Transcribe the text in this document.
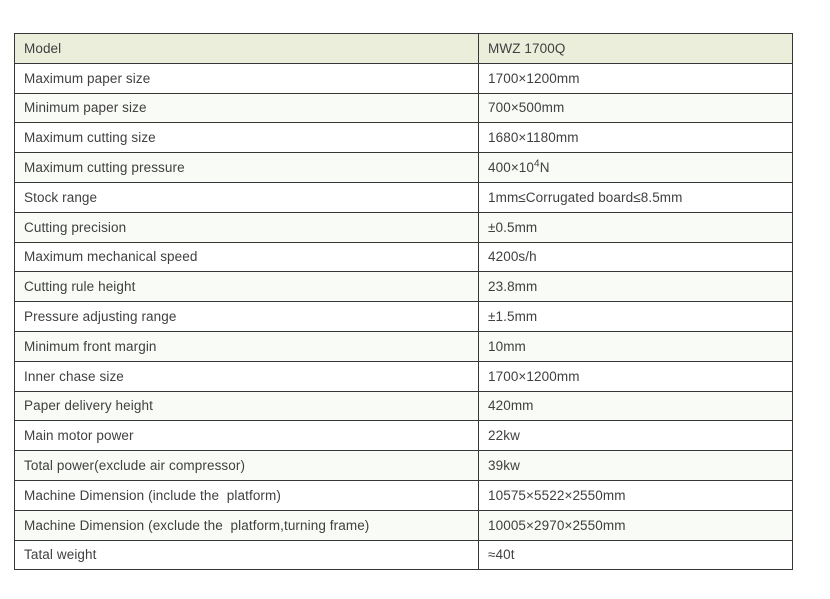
Model	MWZ 1700Q
Maximum paper size	1700×1200mm
Minimum paper size	700×500mm
Maximum cutting size	1680×1180mm
Maximum cutting pressure	$400\times 10^4N$
Stock range	1mm≤Corrugated board≤8.5mm
Cutting precision	±0.5mm
Maximum mechanical speed	4200s/h
Cutting rule height	23.8mm
Pressure adjusting range	±1.5mm
Minimum front margin	10mm
Inner chase size	1700×1200mm
Paper delivery height	420mm
Main motor power	22kw
Total power(exclude air compressor)	39kw
Machine Dimension (include the  platform)	10575×5522×2550mm
Machine Dimension (exclude the  platform,turning frame)	10005×2970×2550mm
Tatal weight	≈40t
